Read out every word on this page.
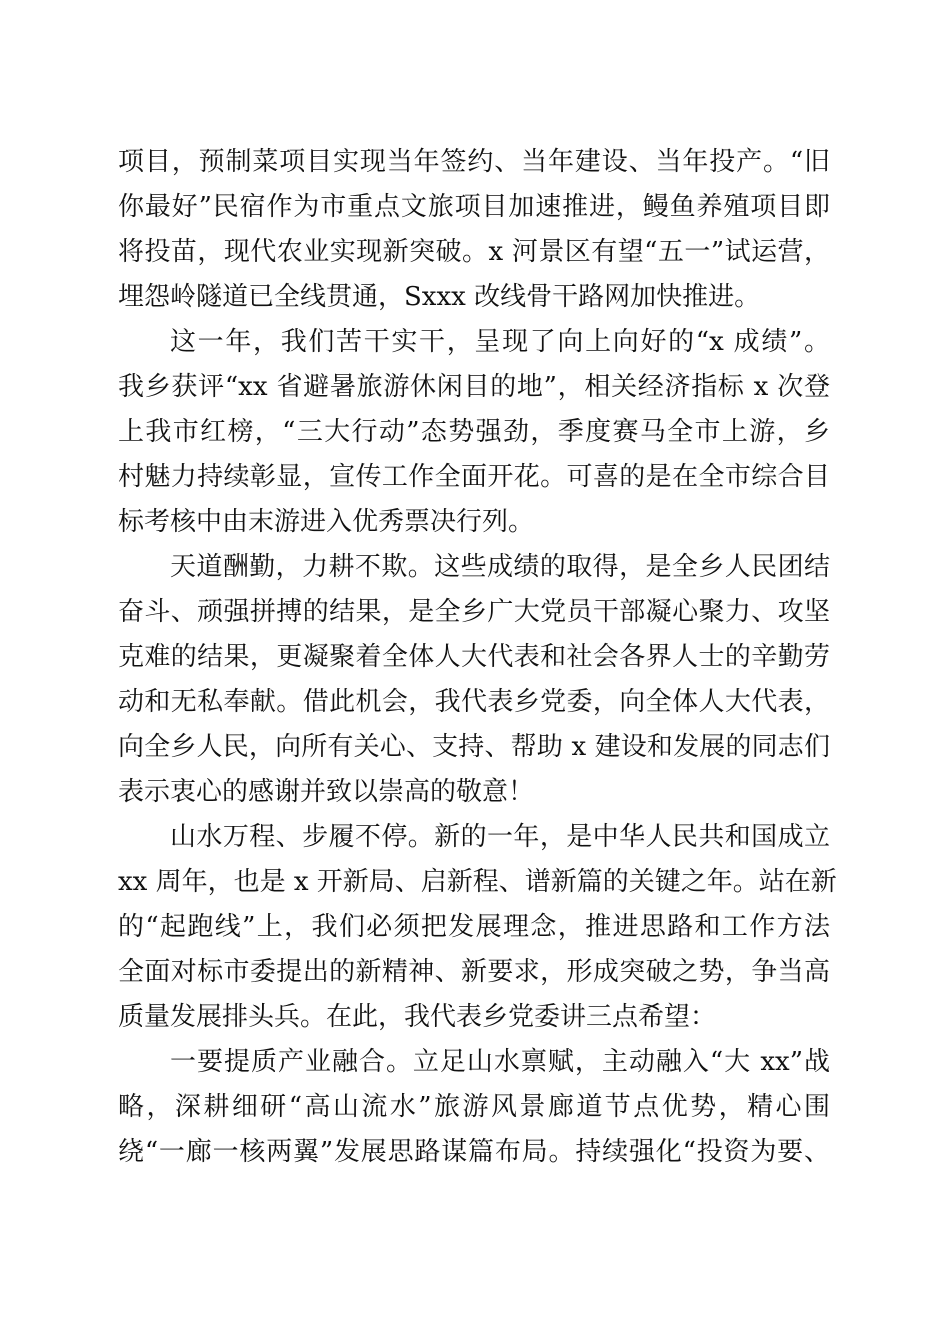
项目，预制菜项目实现当年签约、当年建设、当年投产。“旧
你最好”民宿作为市重点文旅项目加速推进，鳗鱼养殖项目即
将投苗，现代农业实现新突破。x 河景区有望“五一”试运营，
埋怨岭隧道已全线贯通，Sxxx 改线骨干路网加快推进。
这一年，我们苦干实干，呈现了向上向好的“x 成绩”。
我乡获评“xx 省避暑旅游休闲目的地”，相关经济指标 x 次登
上我市红榜，“三大行动”态势强劲，季度赛马全市上游，乡
村魅力持续彰显，宣传工作全面开花。可喜的是在全市综合目
标考核中由末游进入优秀票决行列。
天道酬勤，力耕不欺。这些成绩的取得，是全乡人民团结
奋斗、顽强拼搏的结果，是全乡广大党员干部凝心聚力、攻坚
克难的结果，更凝聚着全体人大代表和社会各界人士的辛勤劳
动和无私奉献。借此机会，我代表乡党委，向全体人大代表，
向全乡人民，向所有关心、支持、帮助 x 建设和发展的同志们
表示衷心的感谢并致以崇高的敬意！
山水万程、步履不停。新的一年，是中华人民共和国成立
xx 周年，也是 x 开新局、启新程、谱新篇的关键之年。站在新
的“起跑线”上，我们必须把发展理念，推进思路和工作方法
全面对标市委提出的新精神、新要求，形成突破之势，争当高
质量发展排头兵。在此，我代表乡党委讲三点希望：
一要提质产业融合。立足山水禀赋，主动融入“大 xx”战
略，深耕细研“高山流水”旅游风景廊道节点优势，精心围
绕“一廊一核两翼”发展思路谋篇布局。持续强化“投资为要、
